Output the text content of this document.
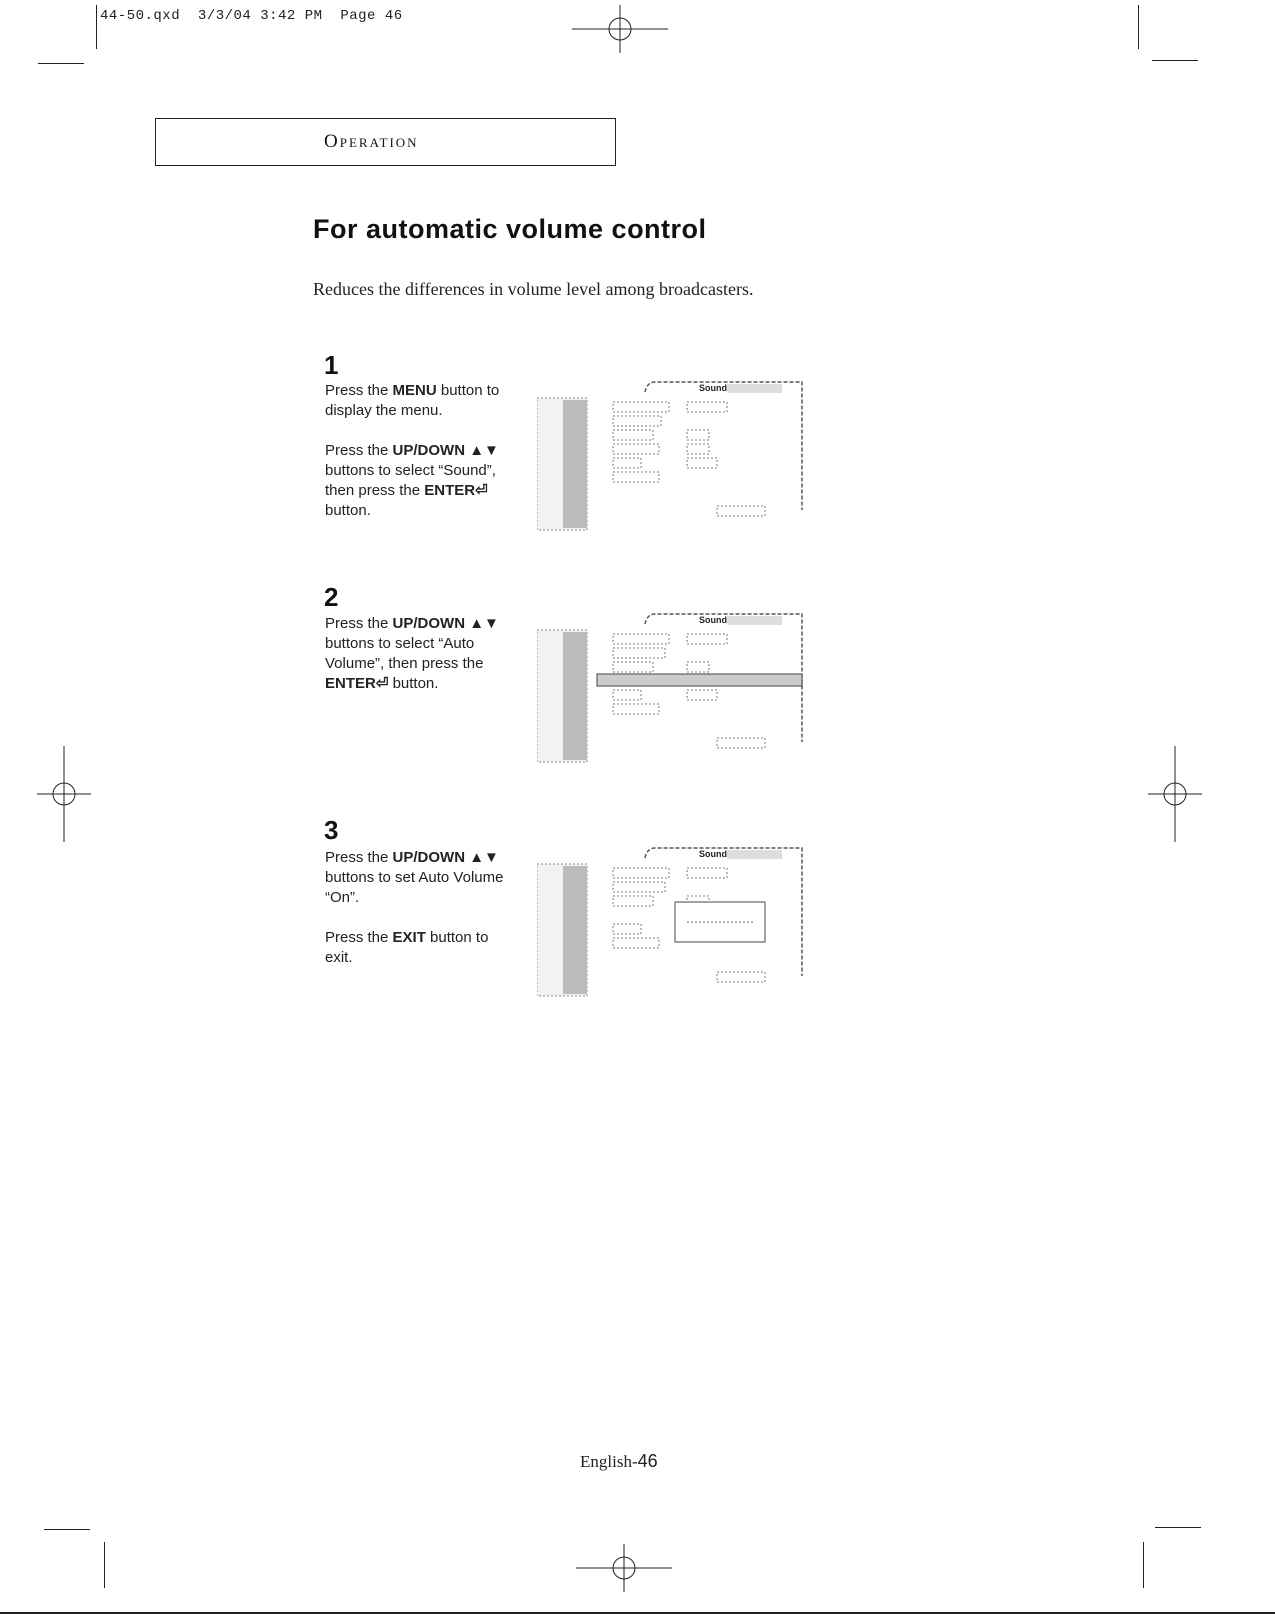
44-50.qxd  3/3/04 3:42 PM  Page 46
Operation
For automatic volume control
Reduces the differences in volume level among broadcasters.
1

Press the MENU button to display the menu.

Press the UP/DOWN ▲▼ buttons to select “Sound”, then press the ENTER⏎ button.

Sound
2

Press the UP/DOWN ▲▼ buttons to select “Auto Volume”, then press the ENTER⏎ button.

Sound
3

Press the UP/DOWN ▲▼ buttons to set Auto Volume “On”.

Press the EXIT button to exit.

Sound
English-46
